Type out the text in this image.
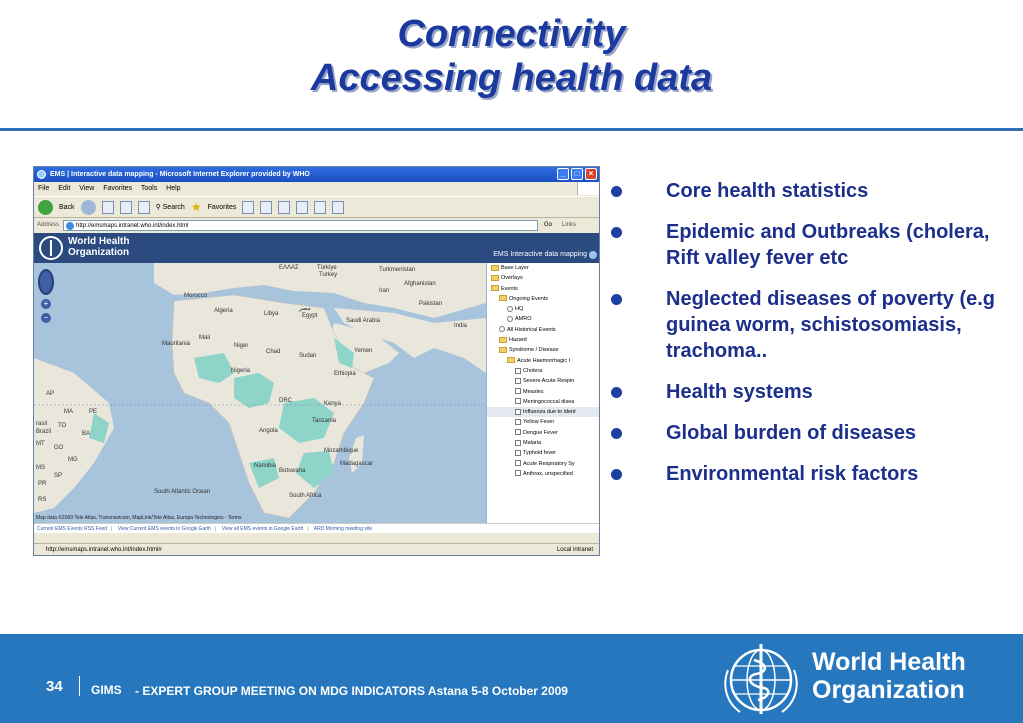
Connectivity
Accessing health data
EMS | Interactive data mapping - Microsoft Internet Explorer provided by WHO	_	□	×
File Edit View Favorites Tools Help
Back	⚲ Search ★ Favorites
Address	http://emsmaps.intranet.who.int/index.html	Go Links
World Health
Organization	EMS Interactive data mapping
Morocco
Algeria	Libya
مصر
Egypt
Saudi Arabia
Iran
Türkiye
Turkey
ΕΛΛΑΣ	Turkmenistan
Afghanistan
Pakistan
India
Yemen
Niger
Mali
Mauritania
Chad
Sudan
Nigeria	Ethiopia
Kenya
DRC
Tanzania
Angola
Mozambique
Madagascar
Namibia
Botswana
South Africa
South Atlantic Ocean
AP
MA	PE
rasil
Brazil
TO
MT
BA
GO
MG
MS
SP
PR
RS
+
−
Map data ©2009 Tele Atlas, Transnavicom, MapLink/Tele Atlas, Europa Technologies - Terms
Base Layer
Overlays
Events
Ongoing Events
HQ
AMRO
All Historical Events
Hazard
Syndrome / Disease
Acute Haemorrhagic I
Cholera
Severe Acute Respin
Measles
Meningococcal disea
Influenza due to ident
Yellow Fever
Dengue Fever
Malaria
Typhoid fever
Acute Respiratory Sy
Anthrax, unspecified
Current EMS Events RSS Feed | View Current EMS events in Google Earth | View all EMS events in Google Earth | ARD Morning meeting site
http://emsmaps.intranet.who.int/index.html#	Local intranet
Core health statistics
Epidemic and Outbreaks (cholera, Rift valley fever etc
Neglected diseases of poverty (e.g guinea worm, schistosomiasis, trachoma..
Health systems
Global burden of diseases
Environmental risk factors
34 GIMS - EXPERT GROUP MEETING ON MDG INDICATORS Astana 5-8 October 2009
World Health
Organization
